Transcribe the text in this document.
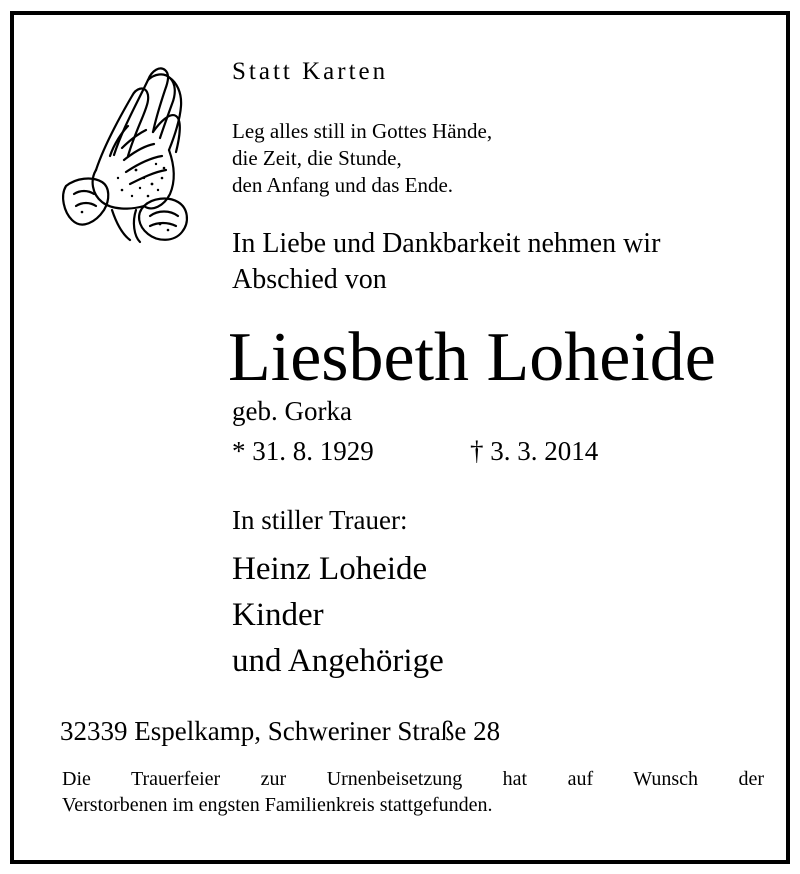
Statt Karten
Leg alles still in Gottes Hände,
die Zeit, die Stunde,
den Anfang und das Ende.
In Liebe und Dankbarkeit nehmen wir
Abschied von
Liesbeth Loheide
geb. Gorka
* 31. 8. 1929	† 3. 3. 2014
In stiller Trauer:
Heinz Loheide
Kinder
und Angehörige
32339 Espelkamp, Schweriner Straße 28
Die Trauerfeier zur Urnenbeisetzung hat auf Wunsch der
Verstorbenen im engsten Familienkreis stattgefunden.
